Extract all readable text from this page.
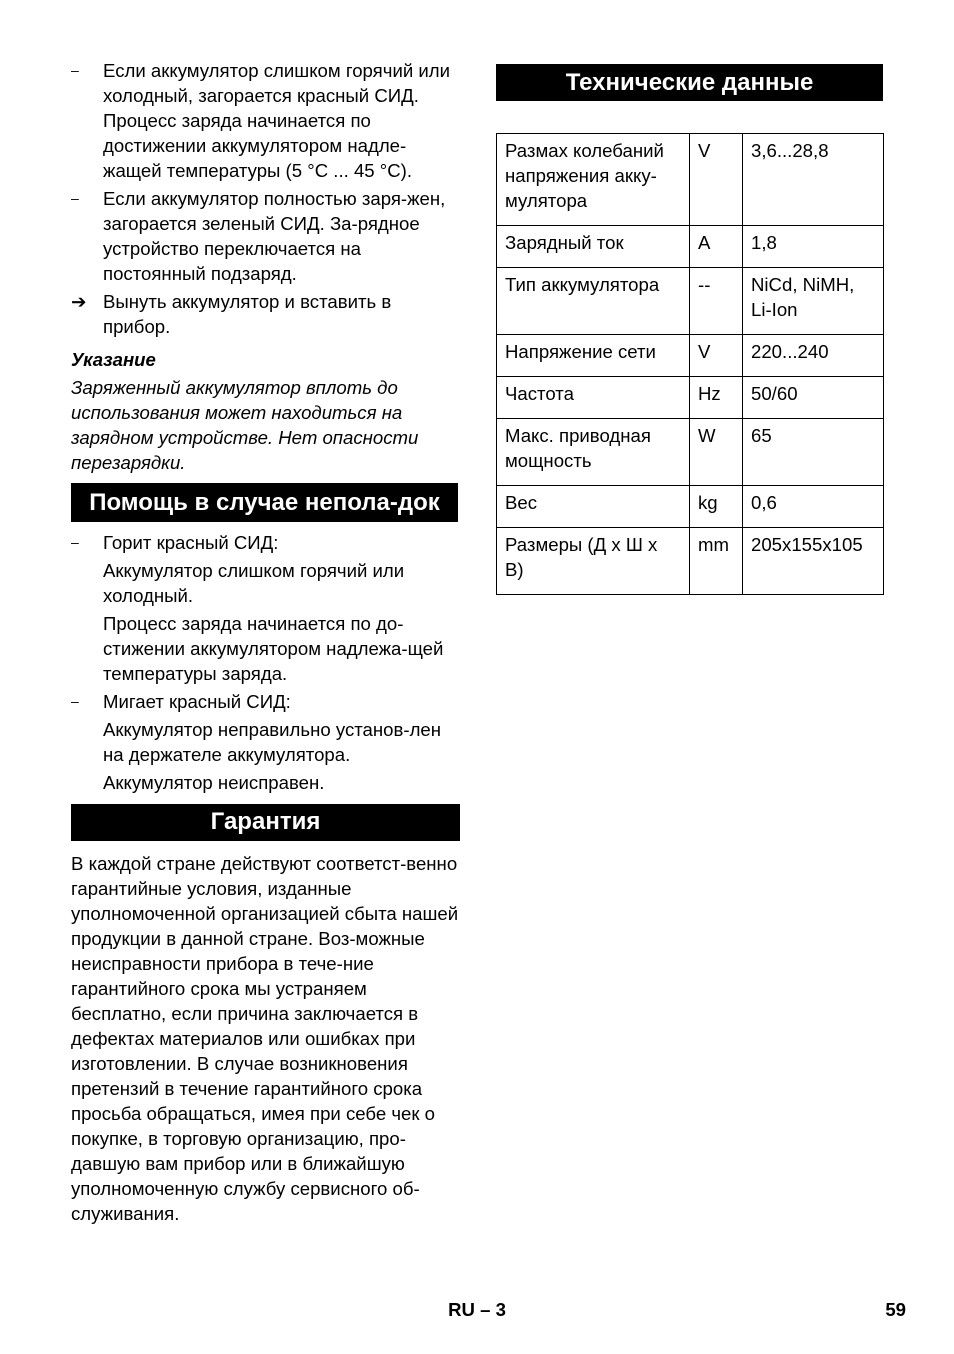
–	Если аккумулятор слишком горячий или холодный, загорается красный СИД. Процесс заряда начинается по достижении аккумулятором надле-жащей температуры (5 °C ... 45 °C).
–	Если аккумулятор полностью заря-жен, загорается зеленый СИД. За-рядное устройство переключается на постоянный подзаряд.
➔ Вынуть аккумулятор и вставить в прибор.
Указание
Заряженный аккумулятор вплоть до использования может находиться на зарядном устройстве. Нет опасности перезарядки.
Помощь в случае непола-док
–	Горит красный СИД:
Аккумулятор слишком горячий или холодный.
Процесс заряда начинается по до-стижении аккумулятором надлежа-щей температуры заряда.
–	Мигает красный СИД:
Аккумулятор неправильно установ-лен на держателе аккумулятора.
Аккумулятор неисправен.
Гарантия
В каждой стране действуют соответст-венно гарантийные условия, изданные уполномоченной организацией сбыта нашей продукции в данной стране. Воз-можные неисправности прибора в тече-ние гарантийного срока мы устраняем бесплатно, если причина заключается в дефектах материалов или ошибках при изготовлении. В случае возникновения претензий в течение гарантийного срока просьба обращаться, имея при себе чек о покупке, в торговую организацию, про-давшую вам прибор или в ближайшую уполномоченную службу сервисного об-служивания.
Технические данные
Размах колебаний напряжения акку-мулятора	V	3,6...28,8
Зарядный ток	A	1,8
Тип аккумулятора	--	NiCd, NiMH, Li-Ion
Напряжение сети	V	220...240
Частота	Hz	50/60
Макс. приводная мощность	W	65
Вес	kg	0,6
Размеры (Д х Ш х В)	mm	205x155x105
RU – 3	59
